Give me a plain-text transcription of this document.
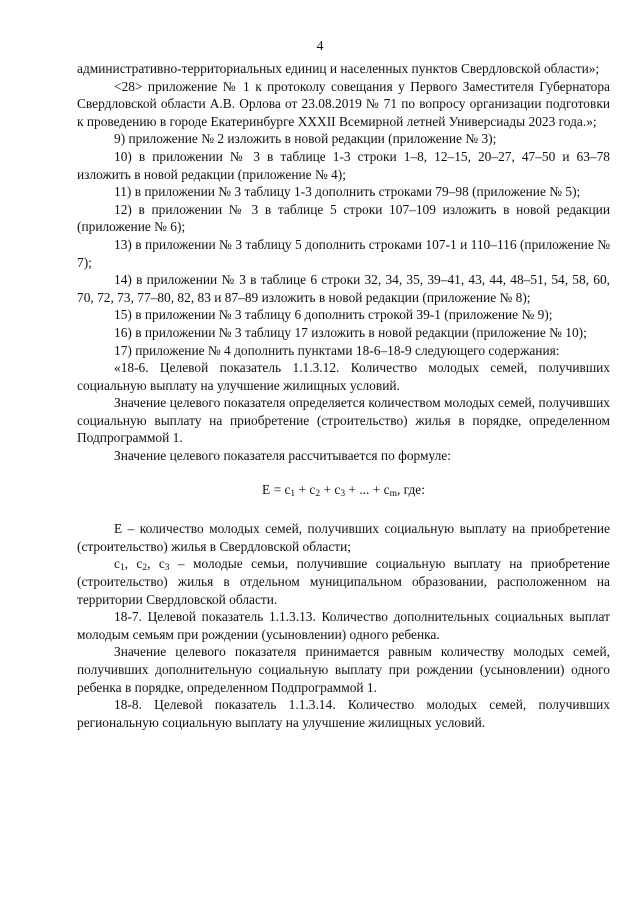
4

административно-территориальных единиц и населенных пунктов Свердловской области»;

<28> приложение № 1 к протоколу совещания у Первого Заместителя Губернатора Свердловской области А.В. Орлова от 23.08.2019 № 71 по вопросу организации подготовки к проведению в городе Екатеринбурге XXXII Всемирной летней Универсиады 2023 года.»;

9) приложение № 2 изложить в новой редакции (приложение № 3);

10) в приложении № 3 в таблице 1-3 строки 1–8, 12–15, 20–27, 47–50 и 63–78 изложить в новой редакции (приложение № 4);

11) в приложении № 3 таблицу 1-3 дополнить строками 79–98 (приложение № 5);

12) в приложении № 3 в таблице 5 строки 107–109 изложить в новой редакции (приложение № 6);

13) в приложении № 3 таблицу 5 дополнить строками 107-1 и 110–116 (приложение № 7);

14) в приложении № 3 в таблице 6 строки 32, 34, 35, 39–41, 43, 44, 48–51, 54, 58, 60, 70, 72, 73, 77–80, 82, 83 и 87–89 изложить в новой редакции (приложение № 8);

15) в приложении № 3 таблицу 6 дополнить строкой 39-1 (приложение № 9);

16) в приложении № 3 таблицу 17 изложить в новой редакции (приложение № 10);

17) приложение № 4 дополнить пунктами 18-6–18-9 следующего содержания:

«18-6. Целевой показатель 1.1.3.12. Количество молодых семей, получивших социальную выплату на улучшение жилищных условий.

Значение целевого показателя определяется количеством молодых семей, получивших социальную выплату на приобретение (строительство) жилья в порядке, определенном Подпрограммой 1.

Значение целевого показателя рассчитывается по формуле:

$E = c_1 + c_2 + c_3$ + ... + $c_m$, где:

E – количество молодых семей, получивших социальную выплату на приобретение (строительство) жилья в Свердловской области;

$c_1$, $c_2$, $c_3$ – молодые семьи, получившие социальную выплату на приобретение (строительство) жилья в отдельном муниципальном образовании, расположенном на территории Свердловской области.

18-7. Целевой показатель 1.1.3.13. Количество дополнительных социальных выплат молодым семьям при рождении (усыновлении) одного ребенка.

Значение целевого показателя принимается равным количеству молодых семей, получивших дополнительную социальную выплату при рождении (усыновлении) одного ребенка в порядке, определенном Подпрограммой 1.

18-8. Целевой показатель 1.1.3.14. Количество молодых семей, получивших региональную социальную выплату на улучшение жилищных условий.
